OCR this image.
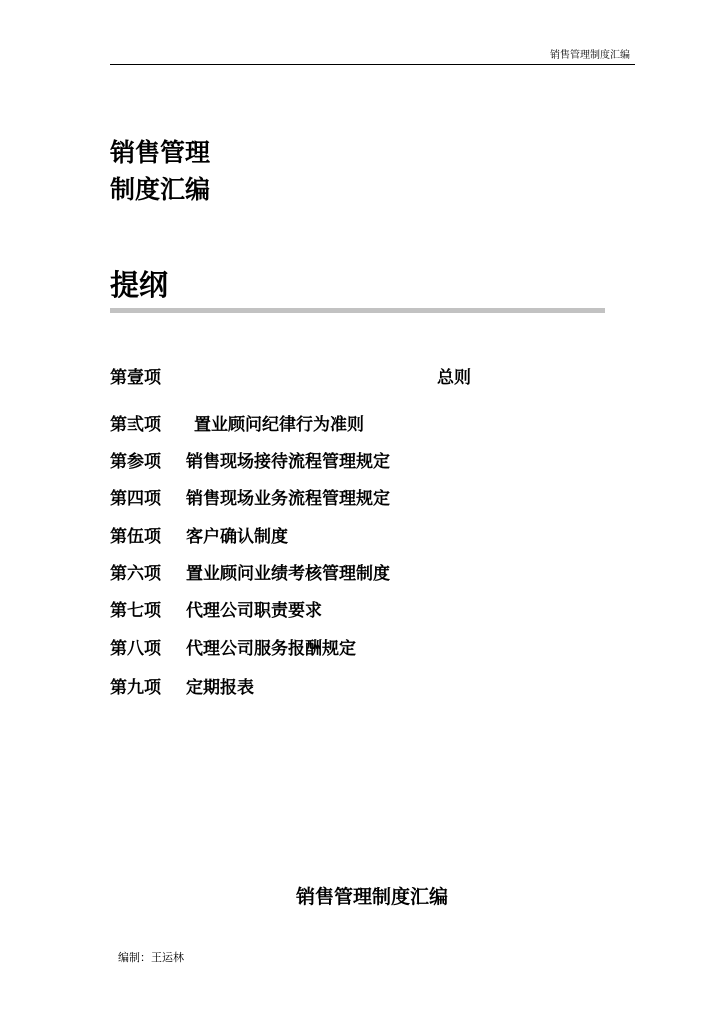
销售管理制度汇编
销售管理
制度汇编
提纲
第壹项	总则
第弎项 置业顾问纪律行为准则
第参项 销售现场接待流程管理规定
第四项 销售现场业务流程管理规定
第伍项 客户确认制度
第六项 置业顾问业绩考核管理制度
第七项 代理公司职责要求
第八项 代理公司服务报酬规定
第九项 定期报表
销售管理制度汇编
编制：王运林
